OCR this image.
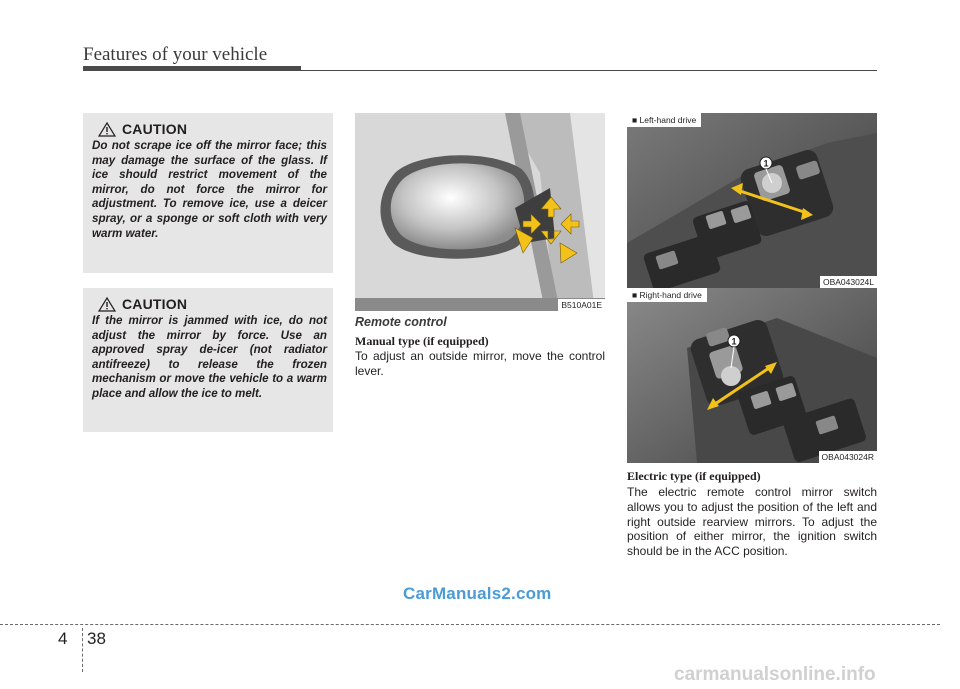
Features of your vehicle
CAUTION
Do not scrape ice off the mirror face; this may damage the surface of the glass. If ice should restrict movement of the mirror, do not force the mirror for adjustment. To remove ice, use a deicer spray, or a sponge or soft cloth with very warm water.
CAUTION
If the mirror is jammed with ice, do not adjust the mirror by force. Use an approved spray de-icer (not radiator antifreeze) to release the frozen mechanism or move the vehicle to a warm place and allow the ice to melt.
B510A01E
Remote control
Manual type (if equipped)
To adjust an outside mirror, move the control lever.
1
■ Left-hand drive
OBA043024L
1
■ Right-hand drive
OBA043024R
Electric type (if equipped)
The electric remote control mirror switch allows you to adjust the position of the left and right outside rearview mirrors. To adjust the position of either mirror, the ignition switch should be in the ACC position.
CarManuals2.com
4 38
carmanualsonline.info
